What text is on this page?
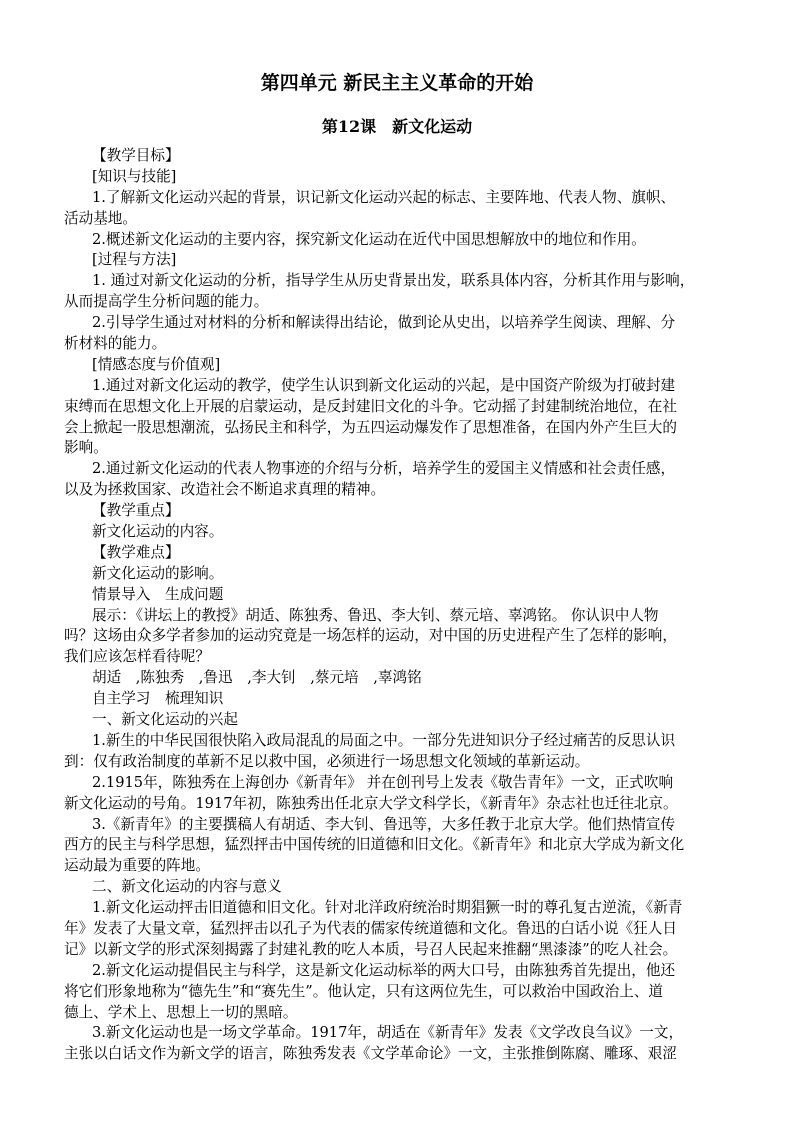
第四单元 新民主主义革命的开始
第12课　新文化运动
【教学目标】
[知识与技能]
1.了解新文化运动兴起的背景，识记新文化运动兴起的标志、主要阵地、代表人物、旗帜、
活动基地。
2.概述新文化运动的主要内容，探究新文化运动在近代中国思想解放中的地位和作用。
[过程与方法]
1. 通过对新文化运动的分析，指导学生从历史背景出发，联系具体内容，分析其作用与影响，
从而提高学生分析问题的能力。
2.引导学生通过对材料的分析和解读得出结论，做到论从史出，以培养学生阅读、理解、分
析材料的能力。
[情感态度与价值观]
1.通过对新文化运动的教学，使学生认识到新文化运动的兴起，是中国资产阶级为打破封建
束缚而在思想文化上开展的启蒙运动，是反封建旧文化的斗争。它动摇了封建制统治地位，在社
会上掀起一股思想潮流，弘扬民主和科学，为五四运动爆发作了思想准备，在国内外产生巨大的
影响。
2.通过新文化运动的代表人物事迹的介绍与分析，培养学生的爱国主义情感和社会责任感，
以及为拯救国家、改造社会不断追求真理的精神。
【教学重点】
新文化运动的内容。
【教学难点】
新文化运动的影响。
情景导入　生成问题
展示：《讲坛上的教授》胡适、陈独秀、鲁迅、李大钊、蔡元培、辜鸿铭。 你认识中人物
吗？这场由众多学者参加的运动究竟是一场怎样的运动，对中国的历史进程产生了怎样的影响，
我们应该怎样看待呢？
胡适　,陈独秀　,鲁迅　,李大钊　,蔡元培　,辜鸿铭
自主学习　梳理知识
一、新文化运动的兴起
1.新生的中华民国很快陷入政局混乱的局面之中。一部分先进知识分子经过痛苦的反思认识
到：仅有政治制度的革新不足以救中国，必须进行一场思想文化领域的革新运动。
2.1915年，陈独秀在上海创办《新青年》 并在创刊号上发表《敬告青年》一文，正式吹响
新文化运动的号角。1917年初，陈独秀出任北京大学文科学长，《新青年》杂志社也迁往北京。
3.《新青年》的主要撰稿人有胡适、李大钊、鲁迅等，大多任教于北京大学。他们热情宣传
西方的民主与科学思想，猛烈抨击中国传统的旧道德和旧文化。《新青年》和北京大学成为新文化
运动最为重要的阵地。
二、新文化运动的内容与意义
1.新文化运动抨击旧道德和旧文化。针对北洋政府统治时期猖獗一时的尊孔复古逆流，《新青
年》发表了大量文章，猛烈抨击以孔子为代表的儒家传统道德和文化。鲁迅的白话小说《狂人日
记》以新文学的形式深刻揭露了封建礼教的吃人本质，号召人民起来推翻“黑漆漆”的吃人社会。
2.新文化运动提倡民主与科学，这是新文化运动标举的两大口号，由陈独秀首先提出，他还
将它们形象地称为“德先生”和“赛先生”。他认定，只有这两位先生，可以救治中国政治上、道
德上、学术上、思想上一切的黑暗。
3.新文化运动也是一场文学革命。1917年，胡适在《新青年》发表《文学改良刍议》一文，
主张以白话文作为新文学的语言，陈独秀发表《文学革命论》一文，主张推倒陈腐、雕琢、艰涩
